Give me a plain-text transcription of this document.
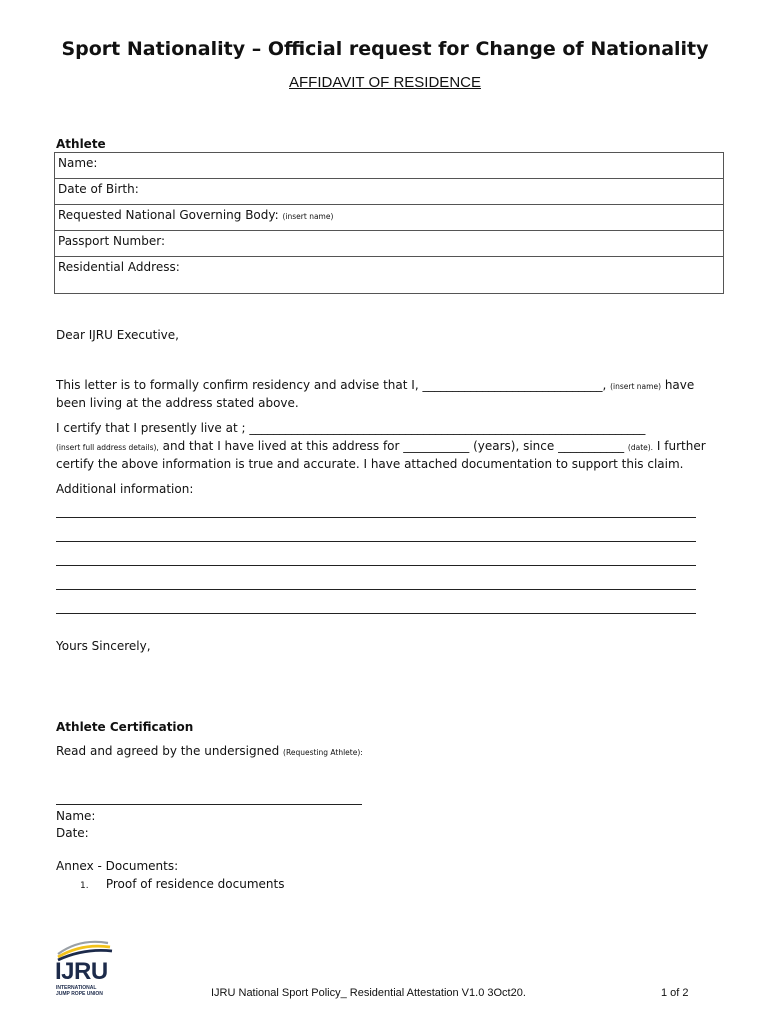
Sport Nationality – Official request for Change of Nationality
AFFIDAVIT OF RESIDENCE
Athlete
Name:
Date of Birth:
Requested National Governing Body: (insert name)
Passport Number:
Residential Address:
Dear IJRU Executive,
This letter is to formally confirm residency and advise that I, ______________________________, (insert name) have
been living at the address stated above.
I certify that I presently live at ; __________________________________________________________________
(insert full address details), and that I have lived at this address for ___________ (years), since ___________ (date). I further
certify the above information is true and accurate. I have attached documentation to support this claim.
Additional information:
Yours Sincerely,
Athlete Certification
Read and agreed by the undersigned (Requesting Athlete):
Name:
Date:
Annex - Documents:
1. Proof of residence documents
IJRU
INTERNATIONAL
JUMP ROPE UNION	IJRU National Sport Policy_ Residential Attestation V1.0 3Oct20.	1 of 2
